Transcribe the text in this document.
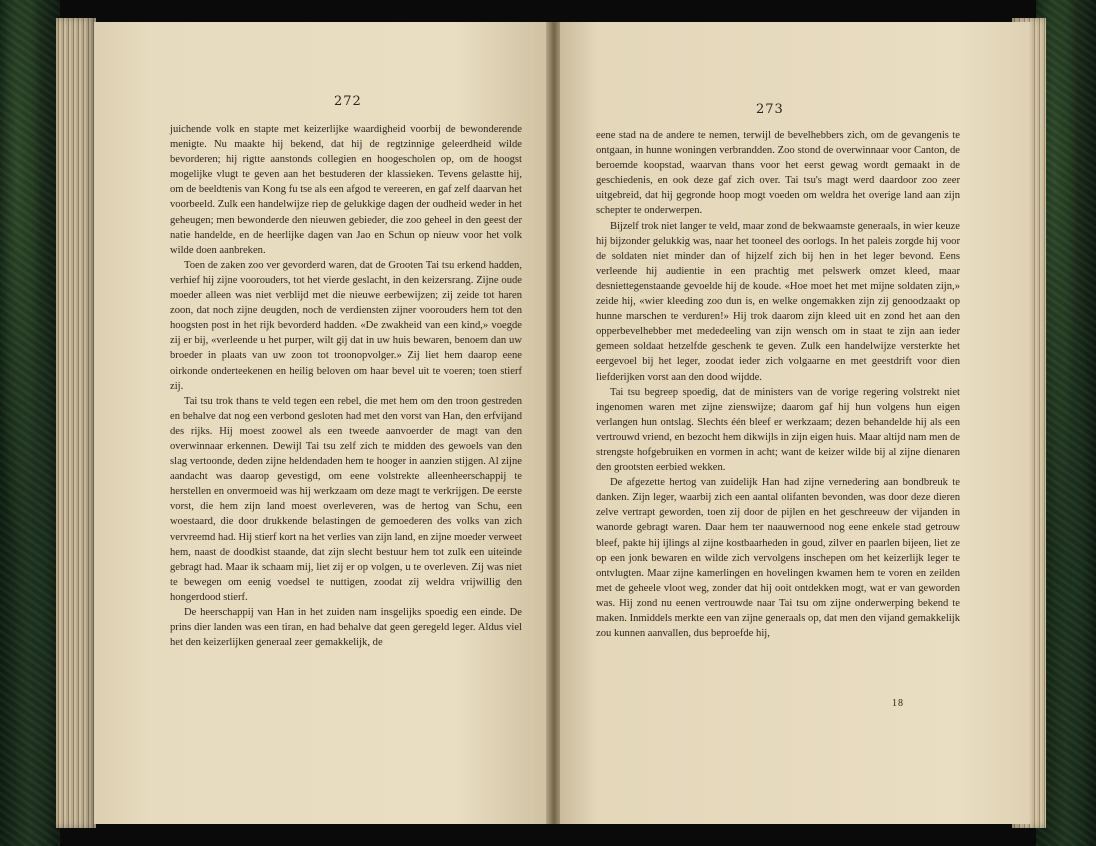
272

juichende volk en stapte met keizerlijke waardigheid voorbij de bewonderende menigte. Nu maakte hij bekend, dat hij de regtzinnige geleerdheid wilde bevorderen; hij rigtte aanstonds collegien en hoogescholen op, om de hoogst mogelijke vlugt te geven aan het bestuderen der klassieken. Tevens gelastte hij, om de beeldtenis van Kong fu tse als een afgod te vereeren, en gaf zelf daarvan het voorbeeld. Zulk een handelwijze riep de gelukkige dagen der oudheid weder in het geheugen; men bewonderde den nieuwen gebieder, die zoo geheel in den geest der natie handelde, en de heerlijke dagen van Jao en Schun op nieuw voor het volk wilde doen aanbreken.

Toen de zaken zoo ver gevorderd waren, dat de Grooten Tai tsu erkend hadden, verhief hij zijne voorouders, tot het vierde geslacht, in den keizersrang. Zijne oude moeder alleen was niet verblijd met die nieuwe eerbewijzen; zij zeide tot haren zoon, dat noch zijne deugden, noch de verdiensten zijner voorouders hem tot den hoogsten post in het rijk bevorderd hadden. «De zwakheid van een kind,» voegde zij er bij, «verleende u het purper, wilt gij dat in uw huis bewaren, benoem dan uw broeder in plaats van uw zoon tot troonopvolger.» Zij liet hem daarop eene oirkonde onderteekenen en heilig beloven om haar bevel uit te voeren; toen stierf zij.

Tai tsu trok thans te veld tegen een rebel, die met hem om den troon gestreden en behalve dat nog een verbond gesloten had met den vorst van Han, den erfvijand des rijks. Hij moest zoowel als een tweede aanvoerder de magt van den overwinnaar erkennen. Dewijl Tai tsu zelf zich te midden des gewoels van den slag vertoonde, deden zijne heldendaden hem te hooger in aanzien stijgen. Al zijne aandacht was daarop gevestigd, om eene volstrekte alleenheerschappij te herstellen en onvermoeid was hij werkzaam om deze magt te verkrijgen. De eerste vorst, die hem zijn land moest overleveren, was de hertog van Schu, een woestaard, die door drukkende belastingen de gemoederen des volks van zich vervreemd had. Hij stierf kort na het verlies van zijn land, en zijne moeder verweet hem, naast de doodkist staande, dat zijn slecht bestuur hem tot zulk een uiteinde gebragt had. Maar ik schaam mij, liet zij er op volgen, u te overleven. Zij was niet te bewegen om eenig voedsel te nuttigen, zoodat zij weldra vrijwillig den hongerdood stierf.

De heerschappij van Han in het zuiden nam insgelijks spoedig een einde. De prins dier landen was een tiran, en had behalve dat geen geregeld leger. Aldus viel het den keizerlijken generaal zeer gemakkelijk, de

273

eene stad na de andere te nemen, terwijl de bevelhebbers zich, om de gevangenis te ontgaan, in hunne woningen verbrandden. Zoo stond de overwinnaar voor Canton, de beroemde koopstad, waarvan thans voor het eerst gewag wordt gemaakt in de geschiedenis, en ook deze gaf zich over. Tai tsu's magt werd daardoor zoo zeer uitgebreid, dat hij gegronde hoop mogt voeden om weldra het overige land aan zijn schepter te onderwerpen.

Bijzelf trok niet langer te veld, maar zond de bekwaamste generaals, in wier keuze hij bijzonder gelukkig was, naar het tooneel des oorlogs. In het paleis zorgde hij voor de soldaten niet minder dan of hijzelf zich bij hen in het leger bevond. Eens verleende hij audientie in een prachtig met pelswerk omzet kleed, maar desniettegenstaande gevoelde hij de koude. «Hoe moet het met mijne soldaten zijn,» zeide hij, «wier kleeding zoo dun is, en welke ongemakken zijn zij genoodzaakt op hunne marschen te verduren!» Hij trok daarom zijn kleed uit en zond het aan den opperbevelhebber met mededeeling van zijn wensch om in staat te zijn aan ieder gemeen soldaat hetzelfde geschenk te geven. Zulk een handelwijze versterkte het eergevoel bij het leger, zoodat ieder zich volgaarne en met geestdrift voor dien liefderijken vorst aan den dood wijdde.

Tai tsu begreep spoedig, dat de ministers van de vorige regering volstrekt niet ingenomen waren met zijne zienswijze; daarom gaf hij hun volgens hun eigen verlangen hun ontslag. Slechts één bleef er werkzaam; dezen behandelde hij als een vertrouwd vriend, en bezocht hem dikwijls in zijn eigen huis. Maar altijd nam men de strengste hofgebruiken en vormen in acht; want de keizer wilde bij al zijne dienaren den grootsten eerbied wekken.

De afgezette hertog van zuidelijk Han had zijne vernedering aan bondbreuk te danken. Zijn leger, waarbij zich een aantal olifanten bevonden, was door deze dieren zelve vertrapt geworden, toen zij door de pijlen en het geschreeuw der vijanden in wanorde gebragt waren. Daar hem ter naauwernood nog eene enkele stad getrouw bleef, pakte hij ijlings al zijne kostbaarheden in goud, zilver en paarlen bijeen, liet ze op een jonk bewaren en wilde zich vervolgens inschepen om het keizerlijk leger te ontvlugten. Maar zijne kamerlingen en hovelingen kwamen hem te voren en zeilden met de geheele vloot weg, zonder dat hij ooit ontdekken mogt, wat er van geworden was. Hij zond nu eenen vertrouwde naar Tai tsu om zijne onderwerping bekend te maken. Inmiddels merkte een van zijne generaals op, dat men den vijand gemakkelijk zou kunnen aanvallen, dus beproefde hij,

18
